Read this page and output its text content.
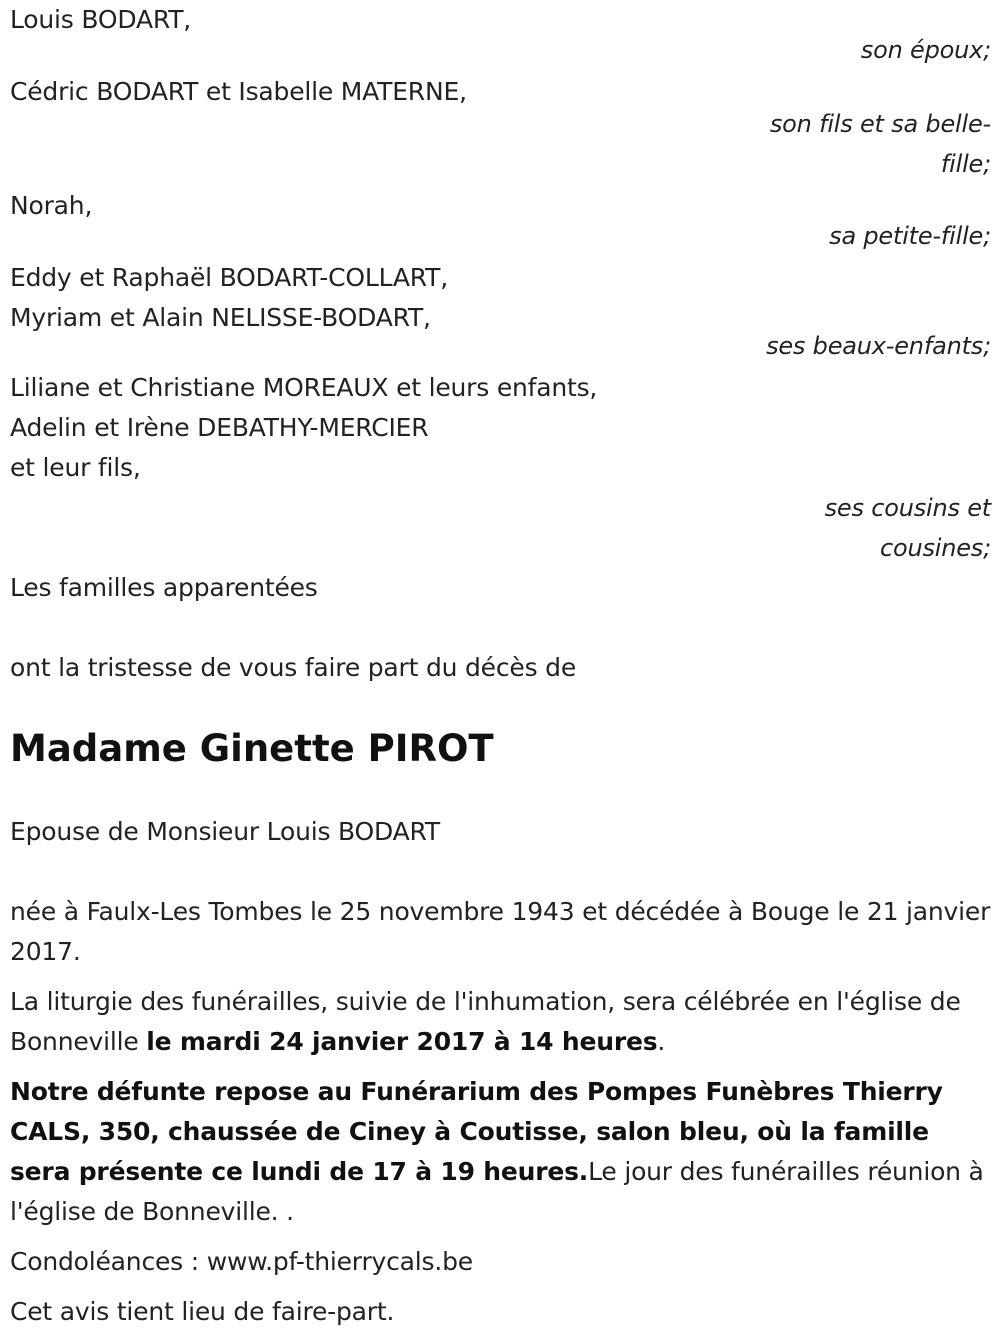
Louis BODART,
son époux;
Cédric BODART et Isabelle MATERNE,
son fils et sa belle-fille;
Norah,
sa petite-fille;
Eddy et Raphaël BODART-COLLART,
Myriam et Alain NELISSE-BODART,
ses beaux-enfants;
Liliane et Christiane MOREAUX et leurs enfants,
Adelin et Irène DEBATHY-MERCIER
et leur fils,
ses cousins et cousines;
Les familles apparentées
ont la tristesse de vous faire part du décès de
Madame Ginette PIROT
Epouse de Monsieur Louis BODART

née à Faulx-Les Tombes le 25 novembre 1943 et décédée à Bouge le 21 janvier 2017.

La liturgie des funérailles, suivie de l'inhumation, sera célébrée en l'église de Bonneville le mardi 24 janvier 2017 à 14 heures.

Notre défunte repose au Funérarium des Pompes Funèbres Thierry CALS, 350, chaussée de Ciney à Coutisse, salon bleu, où la famille sera présente ce lundi de 17 à 19 heures.Le jour des funérailles réunion à l'église de Bonneville. .

Condoléances : www.pf-thierrycals.be

Cet avis tient lieu de faire-part.
